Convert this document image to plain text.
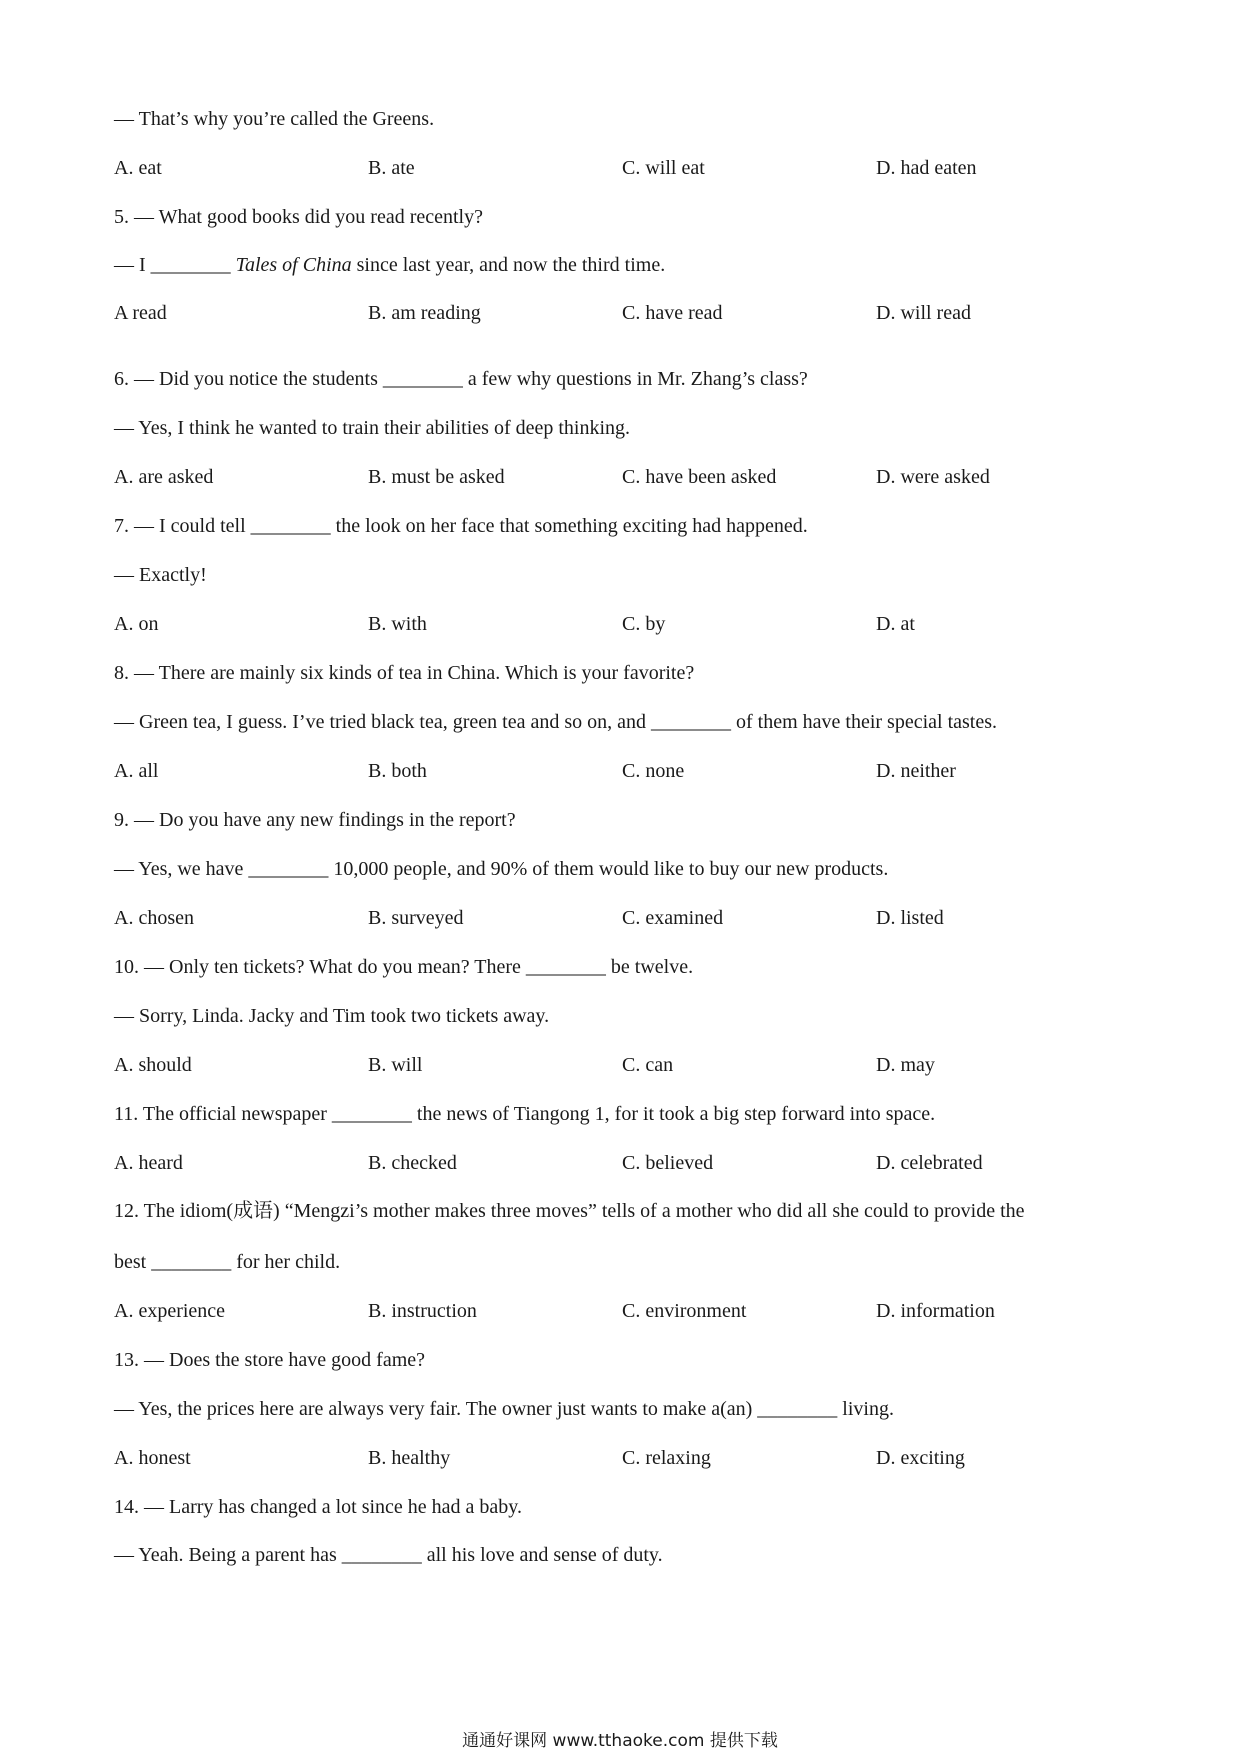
— That’s why you’re called the Greens.
A. eat	B. ate	C. will eat	D. had eaten
5. — What good books did you read recently?
— I ________ Tales of China since last year, and now the third time.
A read	B. am reading	C. have read	D. will read
6. — Did you notice the students ________ a few why questions in Mr. Zhang’s class?
— Yes, I think he wanted to train their abilities of deep thinking.
A. are asked	B. must be asked	C. have been asked	D. were asked
7. — I could tell ________ the look on her face that something exciting had happened.
— Exactly!
A. on	B. with	C. by	D. at
8. — There are mainly six kinds of tea in China. Which is your favorite?
— Green tea, I guess. I’ve tried black tea, green tea and so on, and ________ of them have their special tastes.
A. all	B. both	C. none	D. neither
9. — Do you have any new findings in the report?
— Yes, we have ________ 10,000 people, and 90% of them would like to buy our new products.
A. chosen	B. surveyed	C. examined	D. listed
10. — Only ten tickets? What do you mean? There ________ be twelve.
— Sorry, Linda. Jacky and Tim took two tickets away.
A. should	B. will	C. can	D. may
11. The official newspaper ________ the news of Tiangong 1, for it took a big step forward into space.
A. heard	B. checked	C. believed	D. celebrated
12. The idiom(成语) “Mengzi’s mother makes three moves” tells of a mother who did all she could to provide the
best ________ for her child.
A. experience	B. instruction	C. environment	D. information
13. — Does the store have good fame?
— Yes, the prices here are always very fair. The owner just wants to make a(an) ________ living.
A. honest	B. healthy	C. relaxing	D. exciting
14. — Larry has changed a lot since he had a baby.
— Yeah. Being a parent has ________ all his love and sense of duty.
通通好课网 www.tthaoke.com 提供下载
